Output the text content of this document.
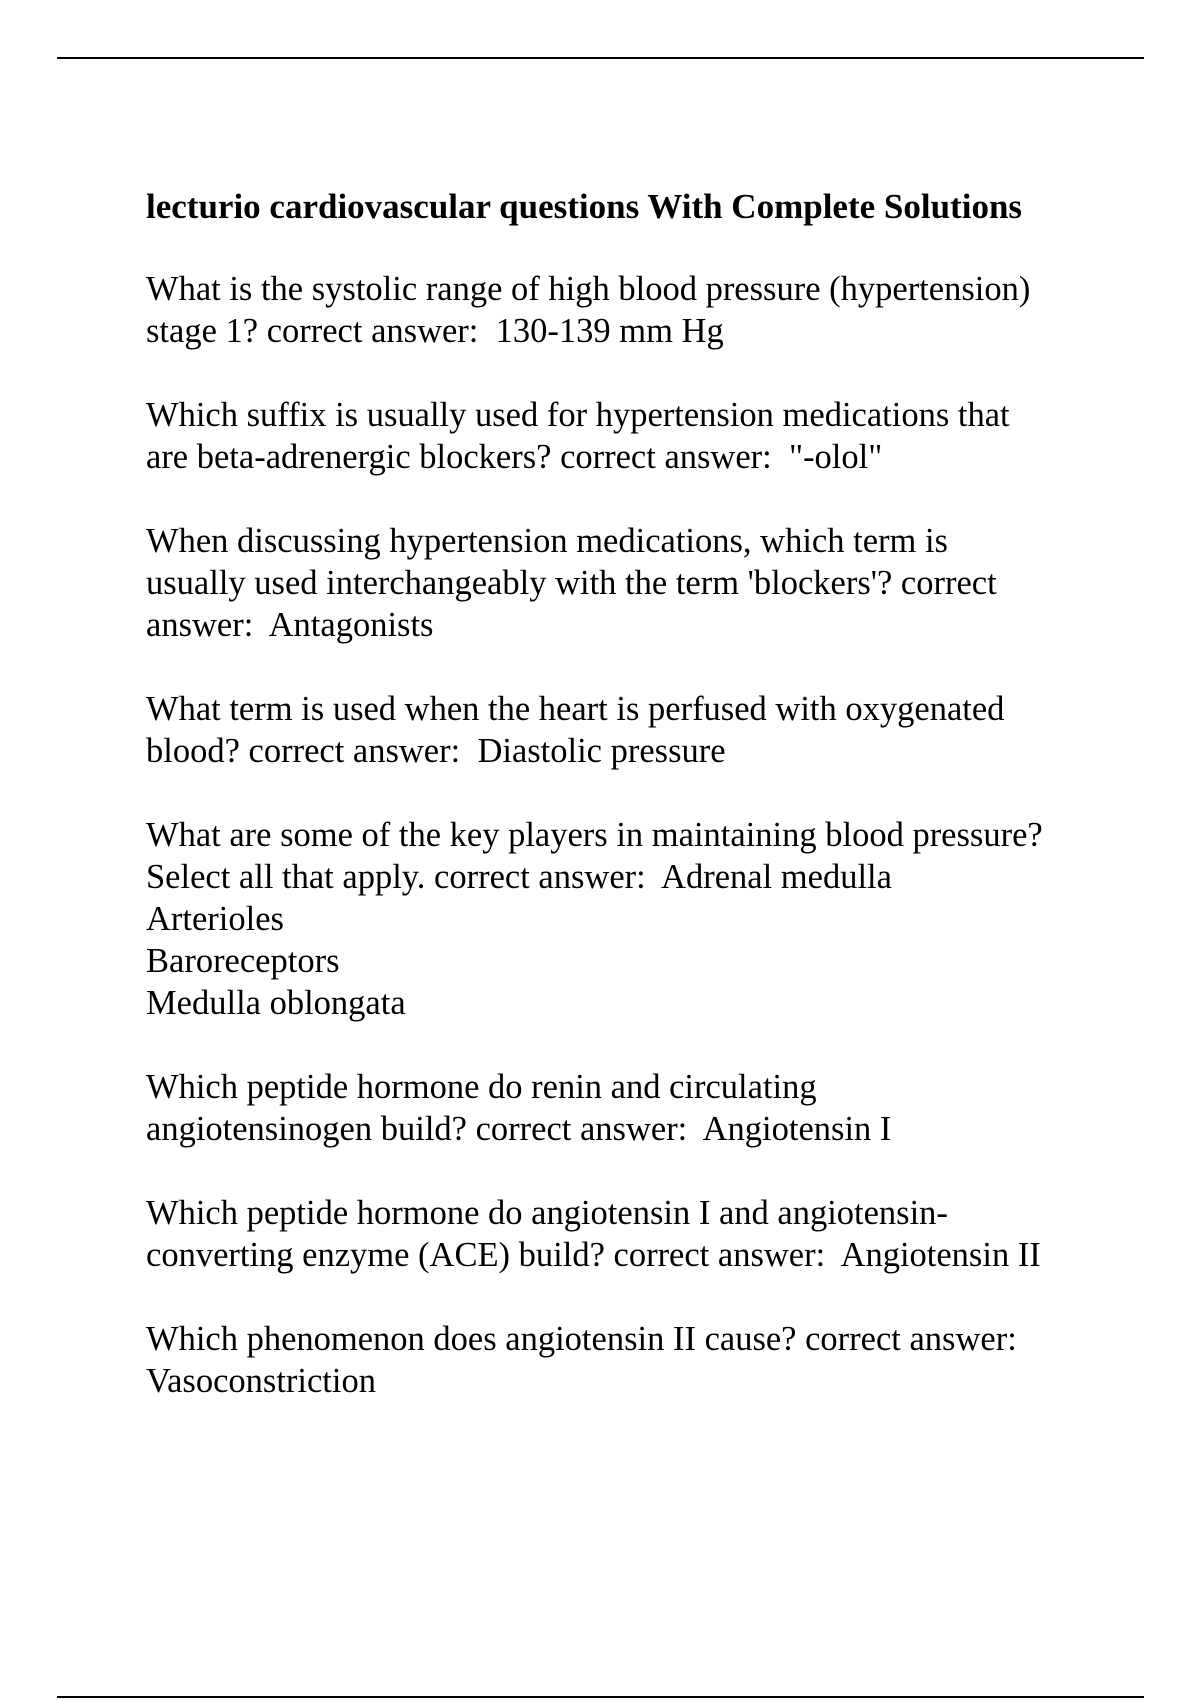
lecturio cardiovascular questions With Complete Solutions
What is the systolic range of high blood pressure (hypertension)
stage 1? correct answer:  130-139 mm Hg
Which suffix is usually used for hypertension medications that
are beta-adrenergic blockers? correct answer:  "-olol"
When discussing hypertension medications, which term is
usually used interchangeably with the term 'blockers'? correct
answer:  Antagonists
What term is used when the heart is perfused with oxygenated
blood? correct answer:  Diastolic pressure
What are some of the key players in maintaining blood pressure?
Select all that apply. correct answer:  Adrenal medulla
Arterioles
Baroreceptors
Medulla oblongata
Which peptide hormone do renin and circulating
angiotensinogen build? correct answer:  Angiotensin I
Which peptide hormone do angiotensin I and angiotensin-
converting enzyme (ACE) build? correct answer:  Angiotensin II
Which phenomenon does angiotensin II cause? correct answer:
Vasoconstriction
